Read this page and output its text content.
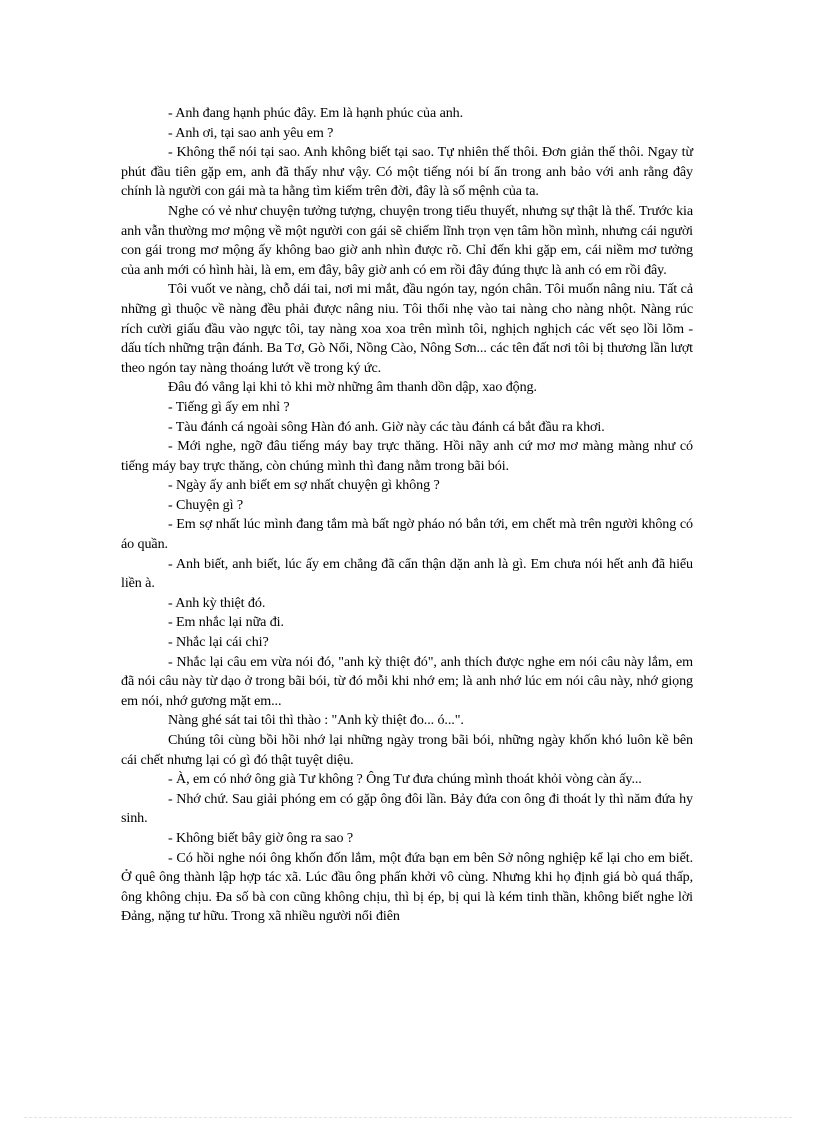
- Anh đang hạnh phúc đây. Em là hạnh phúc của anh.

- Anh ơi, tại sao anh yêu em ?

- Không thể nói tại sao. Anh không biết tại sao. Tự nhiên thế thôi. Đơn giản thế thôi. Ngay từ phút đầu tiên gặp em, anh đã thấy như vậy. Có một tiếng nói bí ẩn trong anh bảo với anh rằng đây chính là người con gái mà ta hằng tìm kiếm trên đời, đây là số mệnh của ta.

Nghe có vẻ như chuyện tưởng tượng, chuyện trong tiểu thuyết, nhưng sự thật là thế. Trước kia anh vẫn thường mơ mộng về một người con gái sẽ chiếm lĩnh trọn vẹn tâm hồn mình, nhưng cái người con gái trong mơ mộng ấy không bao giờ anh nhìn được rõ. Chỉ đến khi gặp em, cái niềm mơ tưởng của anh mới có hình hài, là em, em đây, bây giờ anh có em rồi đây đúng thực là anh có em rồi đây.

Tôi vuốt ve nàng, chỗ dái tai, nơi mi mắt, đầu ngón tay, ngón chân. Tôi muốn nâng niu. Tất cả những gì thuộc về nàng đều phải được nâng niu. Tôi thổi nhẹ vào tai nàng cho nàng nhột. Nàng rúc rích cười giấu đầu vào ngực tôi, tay nàng xoa xoa trên mình tôi, nghịch nghịch các vết sẹo lồi lõm - dấu tích những trận đánh. Ba Tơ, Gò Nổi, Nồng Cào, Nông Sơn... các tên đất nơi tôi bị thương lần lượt theo ngón tay nàng thoáng lướt về trong ký ức.

Đâu đó vẳng lại khi tỏ khi mờ những âm thanh dồn dập, xao động.

- Tiếng gì ấy em nhỉ ?

- Tàu đánh cá ngoài sông Hàn đó anh. Giờ này các tàu đánh cá bắt đầu ra khơi.

- Mới nghe, ngỡ đâu tiếng máy bay trực thăng. Hồi nãy anh cứ mơ mơ màng màng như có tiếng máy bay trực thăng, còn chúng mình thì đang nằm trong bãi bói.

- Ngày ấy anh biết em sợ nhất chuyện gì không ?

- Chuyện gì ?

- Em sợ nhất lúc mình đang tắm mà bất ngờ pháo nó bắn tới, em chết mà trên người không có áo quần.

- Anh biết, anh biết, lúc ấy em chẳng đã cẩn thận dặn anh là gì. Em chưa nói hết anh đã hiểu liền à.

- Anh kỳ thiệt đó.

- Em nhắc lại nữa đi.

- Nhắc lại cái chi?

- Nhắc lại câu em vừa nói đó, "anh kỳ thiệt đó", anh thích được nghe em nói câu này lắm, em đã nói câu này từ dạo ở trong bãi bói, từ đó mỗi khi nhớ em; là anh nhớ lúc em nói câu này, nhớ giọng em nói, nhớ gương mặt em...

Nàng ghé sát tai tôi thì thào : "Anh kỳ thiệt đo... ó...".

Chúng tôi cùng bồi hồi nhớ lại những ngày trong bãi bói, những ngày khốn khó luôn kề bên cái chết nhưng lại có gì đó thật tuyệt diệu.

- À, em có nhớ ông già Tư không ? Ông Tư đưa chúng mình thoát khỏi vòng càn ấy...

- Nhớ chứ. Sau giải phóng em có gặp ông đôi lần. Bảy đứa con ông đi thoát ly thì năm đứa hy sinh.

- Không biết bây giờ ông ra sao ?

- Có hồi nghe nói ông khốn đốn lắm, một đứa bạn em bên Sở nông nghiệp kể lại cho em biết. Ở quê ông thành lập hợp tác xã. Lúc đầu ông phấn khởi vô cùng. Nhưng khi họ định giá bò quá thấp, ông không chịu. Đa số bà con cũng không chịu, thì bị ép, bị qui là kém tinh thần, không biết nghe lời Đảng, nặng tư hữu. Trong xã nhiều người nổi điên
